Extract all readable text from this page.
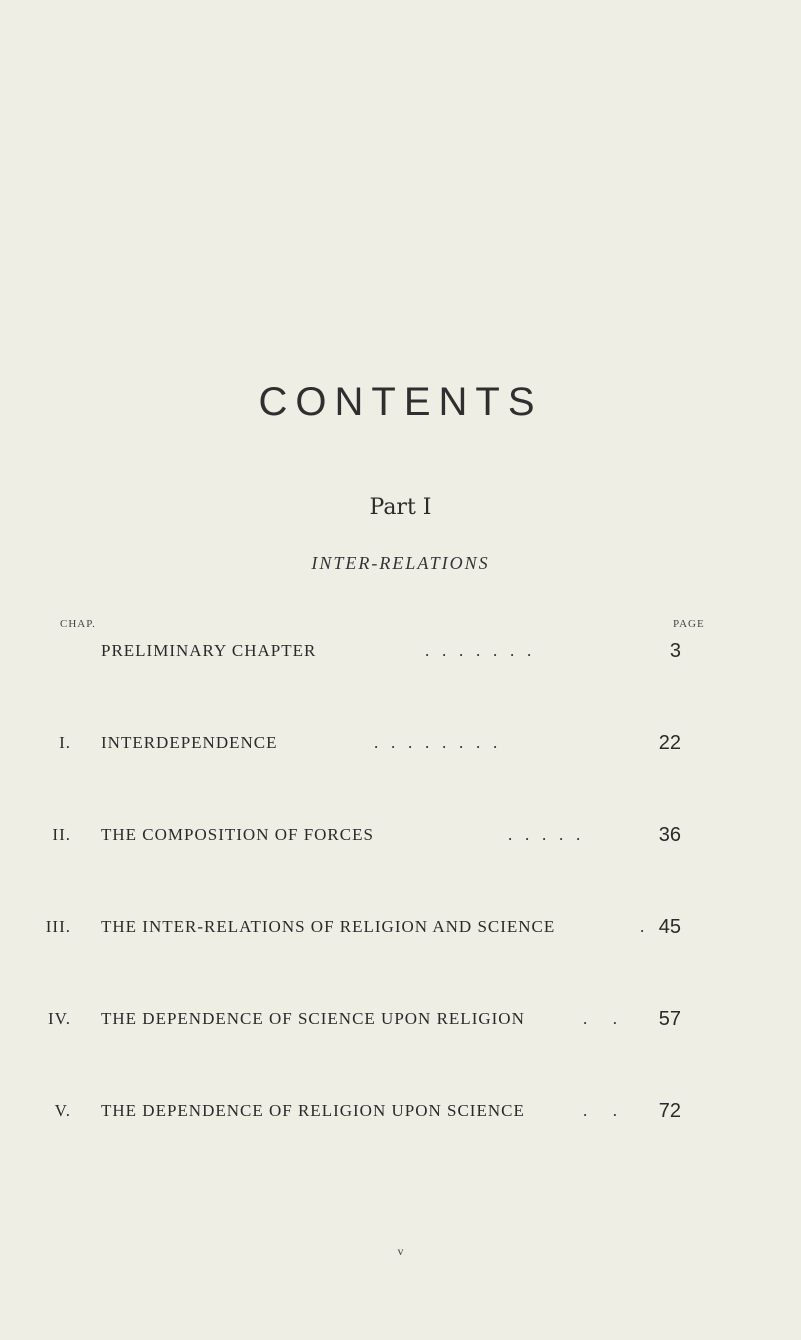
CONTENTS
Part I
INTER-RELATIONS
CHAP.	PAGE
PRELIMINARY CHAPTER	.   .   .   .   .   .   .	3
I. INTERDEPENDENCE	.   .   .   .   .   .   .   .	22
II. THE COMPOSITION OF FORCES	.   .   .   .   .	36
III. THE INTER-RELATIONS OF RELIGION AND SCIENCE	. 45
IV. THE DEPENDENCE OF SCIENCE UPON RELIGION	.      . 57
V. THE DEPENDENCE OF RELIGION UPON SCIENCE	.      . 72
v
